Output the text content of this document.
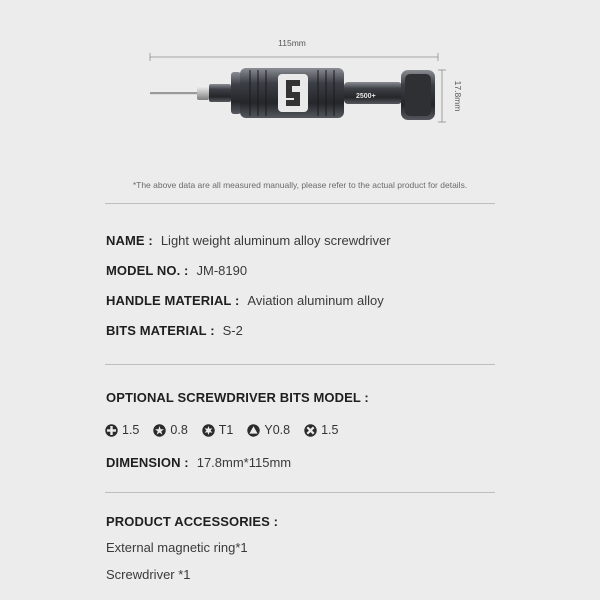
115mm
17.8mm
2500+
*The above data are all measured manually, please refer to the actual product for details.
NAME : Light weight aluminum alloy screwdriver
MODEL NO. : JM-8190
HANDLE MATERIAL : Aviation aluminum alloy
BITS MATERIAL : S-2
OPTIONAL SCREWDRIVER BITS MODEL :
1.5 0.8 T1 Y0.8 1.5
DIMENSION : 17.8mm*115mm
PRODUCT ACCESSORIES :
External magnetic ring*1
Screwdriver *1
